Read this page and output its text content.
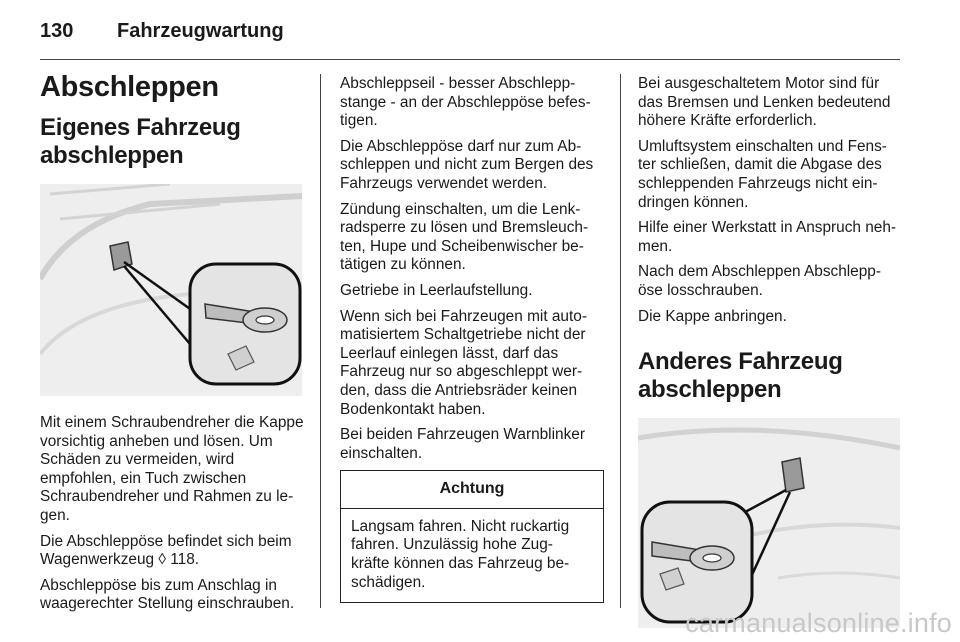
130 Fahrzeugwartung
Abschleppen
Eigenes Fahrzeug abschleppen

Mit einem Schraubendreher die Kappe vorsichtig anheben und lösen. Um Schäden zu vermeiden, wird empfohlen, ein Tuch zwischen Schraubendreher und Rahmen zu le-gen.

Die Abschleppöse befindet sich beim Wagenwerkzeug ◊ 118.

Abschleppöse bis zum Anschlag in waagerechter Stellung einschrauben.

Abschleppseil - besser Abschlepp-stange - an der Abschleppöse befes-tigen.

Die Abschleppöse darf nur zum Ab-schleppen und nicht zum Bergen des Fahrzeugs verwendet werden.

Zündung einschalten, um die Lenk-radsperre zu lösen und Bremsleuch-ten, Hupe und Scheibenwischer be-tätigen zu können.

Getriebe in Leerlaufstellung.

Wenn sich bei Fahrzeugen mit auto-matisiertem Schaltgetriebe nicht der Leerlauf einlegen lässt, darf das Fahrzeug nur so abgeschleppt wer-den, dass die Antriebsräder keinen Bodenkontakt haben.

Bei beiden Fahrzeugen Warnblinker einschalten.

Achtung
Langsam fahren. Nicht ruckartig fahren. Unzulässig hohe Zug-kräfte können das Fahrzeug be-schädigen.

Bei ausgeschaltetem Motor sind für das Bremsen und Lenken bedeutend höhere Kräfte erforderlich.

Umluftsystem einschalten und Fens-ter schließen, damit die Abgase des schleppenden Fahrzeugs nicht ein-dringen können.

Hilfe einer Werkstatt in Anspruch neh-men.

Nach dem Abschleppen Abschlepp-öse losschrauben.

Die Kappe anbringen.

Anderes Fahrzeug abschleppen
carmanualsonline.info
